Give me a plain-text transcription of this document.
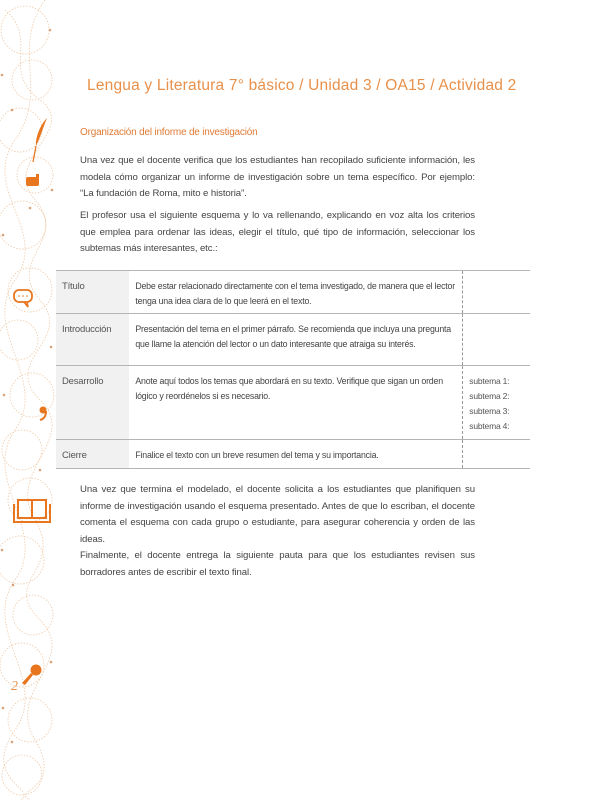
2
Lengua y Literatura 7° básico / Unidad 3 / OA15 / Actividad 2
Organización del informe de investigación

Una vez que el docente verifica que los estudiantes han recopilado suficiente información, les modela cómo organizar un informe de investigación sobre un tema específico. Por ejemplo: “La fundación de Roma, mito e historia”.

El profesor usa el siguiente esquema y lo va rellenando, explicando en voz alta los criterios que emplea para ordenar las ideas, elegir el título, qué tipo de información, seleccionar los subtemas más interesantes, etc.:

Título	Debe estar relacionado directamente con el tema investigado, de manera que el lector tenga una idea clara de lo que leerá en el texto.	
Introducción	Presentación del tema en el primer párrafo. Se recomienda que incluya una pregunta que llame la atención del lector o un dato interesante que atraiga su interés.	
Desarrollo	Anote aquí todos los temas que abordará en su texto. Verifique que sigan un orden lógico y reordénelos si es necesario.	subtema 1:
subtema 2:
subtema 3:
subtema 4:

Cierre	Finalice el texto con un breve resumen del tema y su importancia.	

Una vez que termina el modelado, el docente solicita a los estudiantes que planifiquen su informe de investigación usando el esquema presentado. Antes de que lo escriban, el docente comenta el esquema con cada grupo o estudiante, para asegurar coherencia y orden de las ideas.

Finalmente, el docente entrega la siguiente pauta para que los estudiantes revisen sus borradores antes de escribir el texto final.
